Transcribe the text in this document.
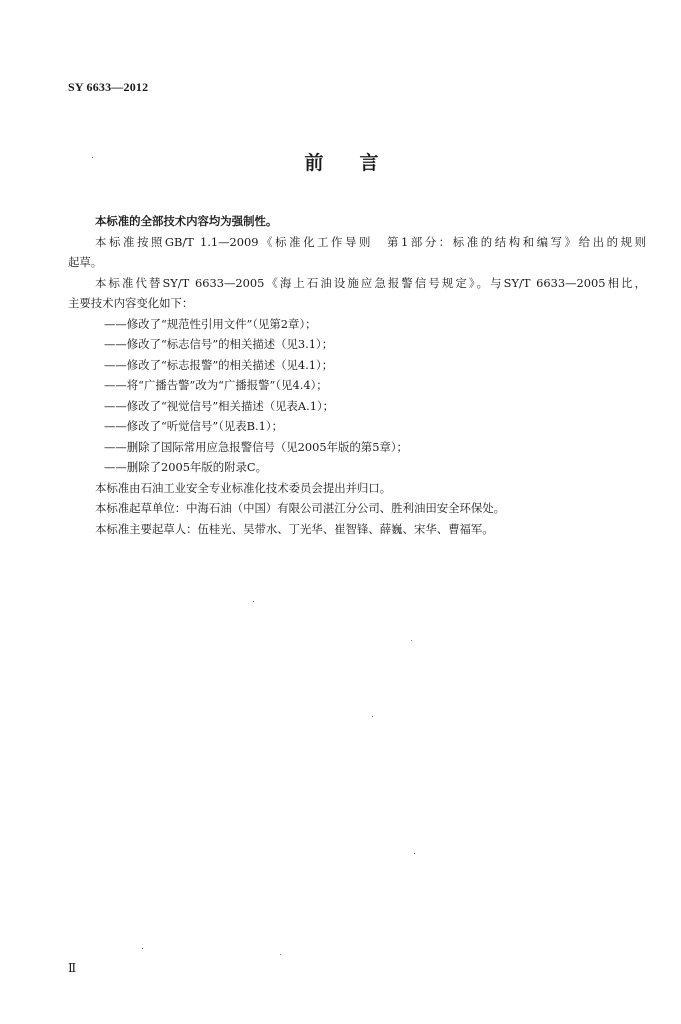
SY 6633—2012
前言

本标准的全部技术内容均为强制性。

本标准按照GB/T 1.1—2009《标准化工作导则　第1部分：标准的结构和编写》给出的规则

起草。

本标准代替SY/T 6633—2005《海上石油设施应急报警信号规定》。与SY/T 6633—2005相比，

主要技术内容变化如下：

——修改了“规范性引用文件”（见第2章）；
——修改了“标志信号”的相关描述（见3.1）；
——修改了“标志报警”的相关描述（见4.1）；
——将“广播告警”改为“广播报警”（见4.4）；
——修改了“视觉信号”相关描述（见表A.1）；
——修改了“听觉信号”（见表B.1）；
——删除了国际常用应急报警信号（见2005年版的第5章）；
——删除了2005年版的附录C。

本标准由石油工业安全专业标准化技术委员会提出并归口。

本标准起草单位：中海石油（中国）有限公司湛江分公司、胜利油田安全环保处。

本标准主要起草人：伍桂光、吴带水、丁光华、崔智锋、薛巍、宋华、曹福军。

Ⅱ
